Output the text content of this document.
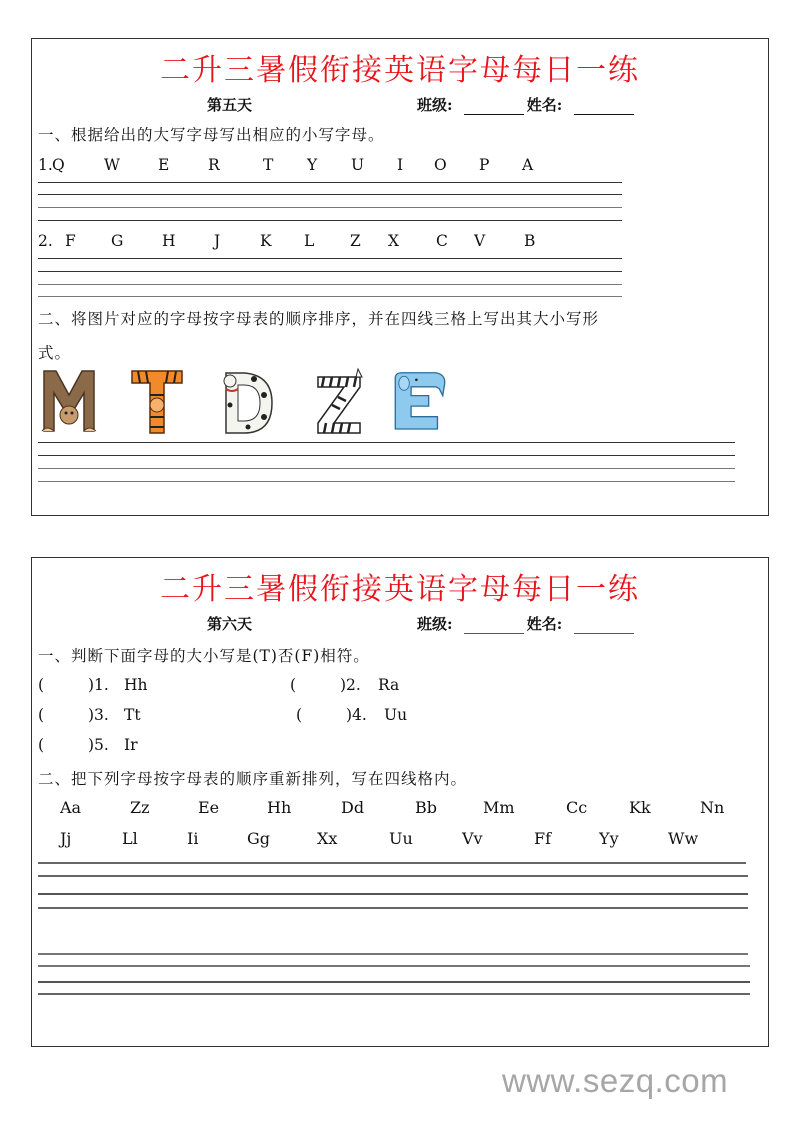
二升三暑假衔接英语字母每日一练
第五天	班级:	姓名:
一、根据给出的大写字母写出相应的小写字母。
1. Q	W E R	T Y U I O P A
2. F G H J	K L Z X C V	B
二、将图片对应的字母按字母表的顺序排序，并在四线三格上写出其大小写形
式。
二升三暑假衔接英语字母每日一练
第六天	班级:	姓名:
一、判断下面字母的大小写是(T)否(F)相符。
(	)1. Hh	(	)2. Ra
(	)3. Tt	(	)4. Uu
(	)5. Ir
二、把下列字母按字母表的顺序重新排列，写在四线格内。
Aa	Zz	Ee	Hh	Dd	Bb	Mm	Cc	Kk	Nn
Jj	Ll	Ii	Gg	Xx	Uu	Vv	Ff	Yy	Ww
www.sezq.com
